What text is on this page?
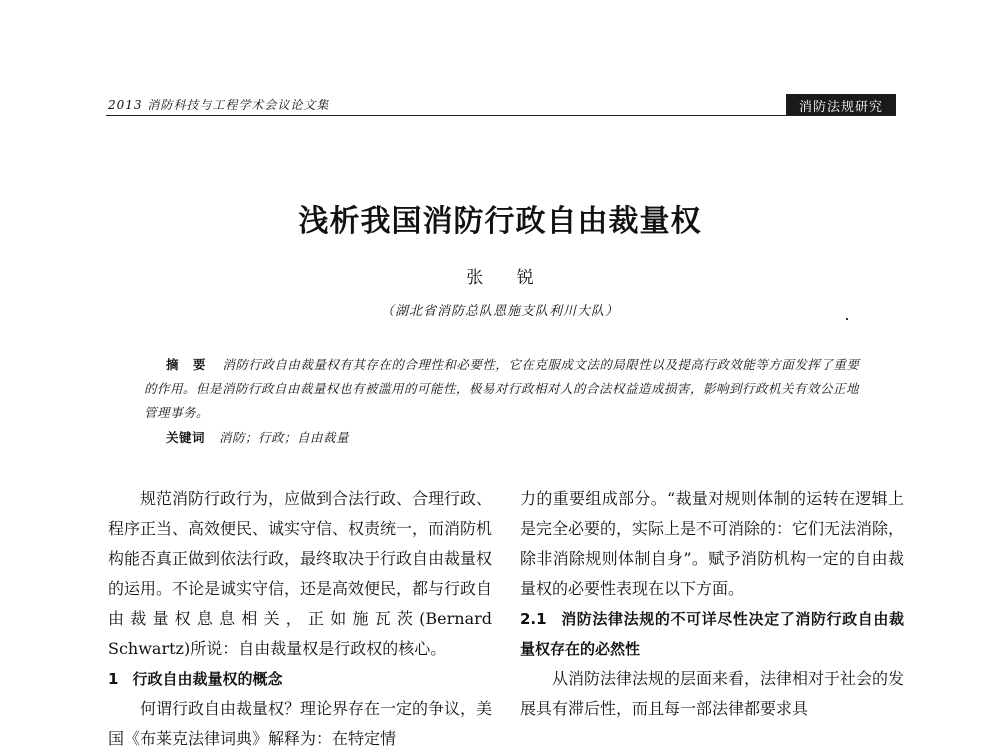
2013 消防科技与工程学术会议论文集	消防法规研究
浅析我国消防行政自由裁量权
张 锐
（湖北省消防总队恩施支队利川大队）
摘 要 消防行政自由裁量权有其存在的合理性和必要性，它在克服成文法的局限性以及提高行政效能等方面发挥了重要的作用。但是消防行政自由裁量权也有被滥用的可能性，极易对行政相对人的合法权益造成损害，影响到行政机关有效公正地管理事务。
关键词 消防；行政；自由裁量

规范消防行政行为，应做到合法行政、合理行政、程序正当、高效便民、诚实守信、权责统一，而消防机构能否真正做到依法行政，最终取决于行政自由裁量权的运用。不论是诚实守信，还是高效便民，都与行政自由裁量权息息相关，正如施瓦茨(Bernard Schwartz)所说：自由裁量权是行政权的核心。

1 行政自由裁量权的概念

何谓行政自由裁量权？理论界存在一定的争议，美国《布莱克法律词典》解释为：在特定情

力的重要组成部分。“裁量对规则体制的运转在逻辑上是完全必要的，实际上是不可消除的：它们无法消除，除非消除规则体制自身”。赋予消防机构一定的自由裁量权的必要性表现在以下方面。

2.1 消防法律法规的不可详尽性决定了消防行政自由裁量权存在的必然性

从消防法律法规的层面来看，法律相对于社会的发展具有滞后性，而且每一部法律都要求具
